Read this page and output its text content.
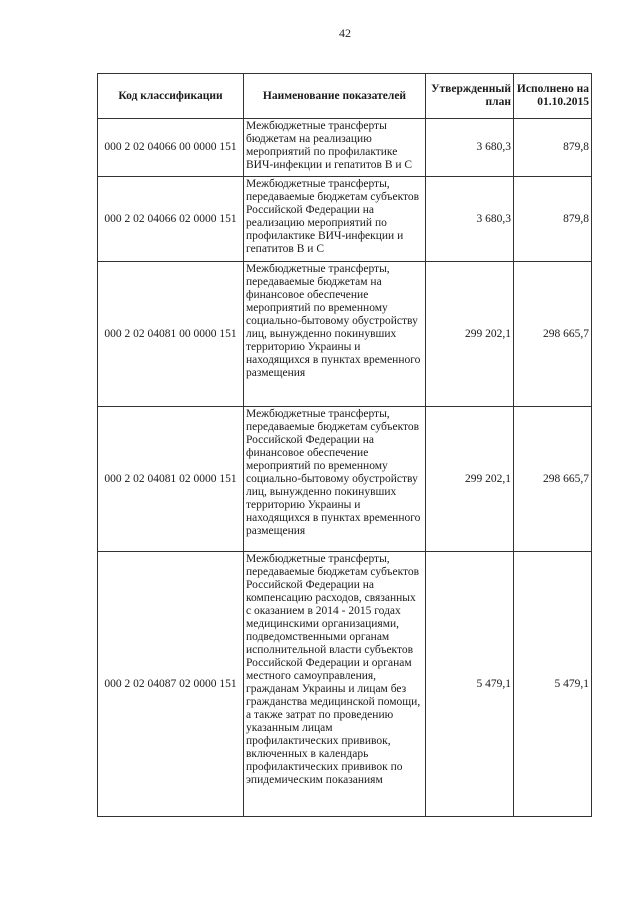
42
Код классификации	Наименование показателей	Утвержденный план	Исполнено на 01.10.2015
000 2 02 04066 00 0000 151	Межбюджетные трансферты бюджетам на реализацию мероприятий по профилактике ВИЧ-инфекции и гепатитов В и С	3 680,3	879,8
000 2 02 04066 02 0000 151	Межбюджетные трансферты, передаваемые бюджетам субъектов Российской Федерации на реализацию мероприятий по профилактике ВИЧ-инфекции и гепатитов В и С	3 680,3	879,8
000 2 02 04081 00 0000 151	Межбюджетные трансферты, передаваемые бюджетам на финансовое обеспечение мероприятий по временному социально-бытовому обустройству лиц, вынужденно покинувших территорию Украины и находящихся в пунктах временного размещения	299 202,1	298 665,7
000 2 02 04081 02 0000 151	Межбюджетные трансферты, передаваемые бюджетам субъектов Российской Федерации на финансовое обеспечение мероприятий по временному социально-бытовому обустройству лиц, вынужденно покинувших территорию Украины и находящихся в пунктах временного размещения	299 202,1	298 665,7
000 2 02 04087 02 0000 151	Межбюджетные трансферты, передаваемые бюджетам субъектов Российской Федерации на компенсацию расходов, связанных с оказанием в 2014 - 2015 годах медицинскими организациями, подведомственными органам исполнительной власти субъектов Российской Федерации и органам местного самоуправления, гражданам Украины и лицам без гражданства медицинской помощи, а также затрат по проведению указанным лицам профилактических прививок, включенных в календарь профилактических прививок по эпидемическим показаниям	5 479,1	5 479,1
